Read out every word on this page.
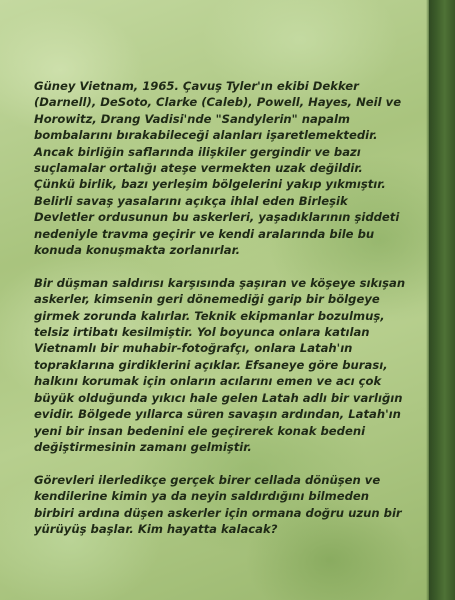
Güney Vietnam, 1965. Çavuş Tyler'ın ekibi Dekker (Darnell), DeSoto, Clarke (Caleb), Powell, Hayes, Neil ve Horowitz, Drang Vadisi'nde "Sandylerin" napalm bombalarını bırakabileceği alanları işaretlemektedir. Ancak birliğin saflarında ilişkiler gergindir ve bazı suçlamalar ortalığı ateşe vermekten uzak değildir. Çünkü birlik, bazı yerleşim bölgelerini yakıp yıkmıştır. Belirli savaş yasalarını açıkça ihlal eden Birleşik Devletler ordusunun bu askerleri, yaşadıklarının şiddeti nedeniyle travma geçirir ve kendi aralarında bile bu konuda konuşmakta zorlanırlar.

Bir düşman saldırısı karşısında şaşıran ve köşeye sıkışan askerler, kimsenin geri dönemediği garip bir bölgeye girmek zorunda kalırlar. Teknik ekipmanlar bozulmuş, telsiz irtibatı kesilmiştir. Yol boyunca onlara katılan Vietnamlı bir muhabir-fotoğrafçı, onlara Latah'ın topraklarına girdiklerini açıklar. Efsaneye göre burası, halkını korumak için onların acılarını emen ve acı çok büyük olduğunda yıkıcı hale gelen Latah adlı bir varlığın evidir. Bölgede yıllarca süren savaşın ardından, Latah'ın yeni bir insan bedenini ele geçirerek konak bedeni değiştirmesinin zamanı gelmiştir.

Görevleri ilerledikçe gerçek birer cellada dönüşen ve kendilerine kimin ya da neyin saldırdığını bilmeden birbiri ardına düşen askerler için ormana doğru uzun bir yürüyüş başlar. Kim hayatta kalacak?
